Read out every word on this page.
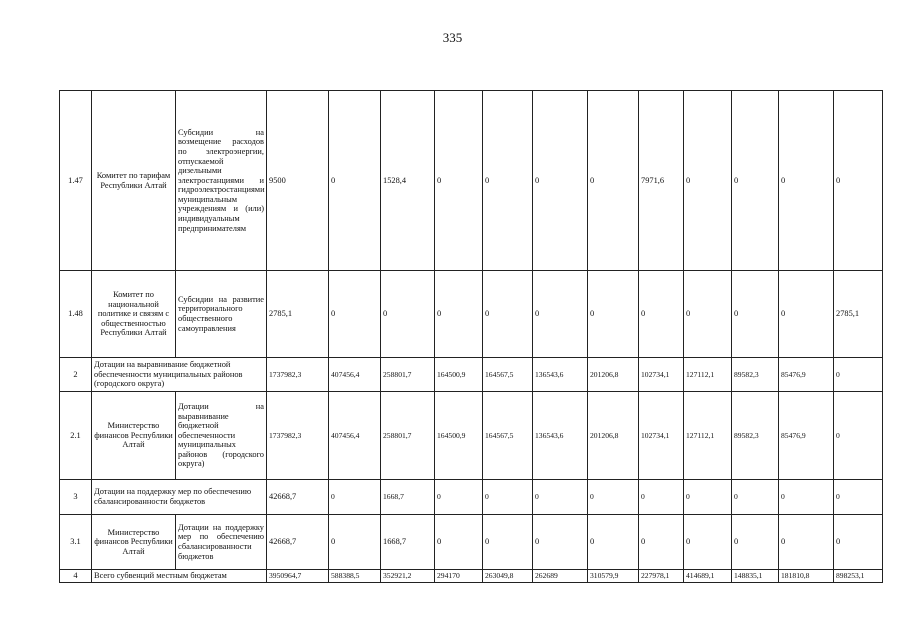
335
1.47	Комитет по тарифам Республики Алтай	Субсидии на возмещение расходов по электроэнергии, отпускаемой дизельными электростанциями и гидроэлектростанциями муниципальным учреждениям и (или) индивидуальным предпринимателям	9500	0	1528,4	0	0	0	0	7971,6	0	0	0	0
1.48	Комитет по национальной политике и связям с общественностью Республики Алтай	Субсидии на развитие территориального общественного самоуправления	2785,1	0	0	0	0	0	0	0	0	0	0	2785,1
2	Дотации на выравнивание бюджетной обеспеченности муниципальных районов (городского округа)		1737982,3	407456,4	258801,7	164500,9	164567,5	136543,6	201206,8	102734,1	127112,1	89582,3	85476,9	0
2.1	Министерство финансов Республики Алтай	Дотации на выравнивание бюджетной обеспеченности муниципальных районов (городского округа)	1737982,3	407456,4	258801,7	164500,9	164567,5	136543,6	201206,8	102734,1	127112,1	89582,3	85476,9	0
3	Дотации на поддержку мер по обеспечению сбалансированности бюджетов		42668,7	0	1668,7	0	0	0	0	0	0	0	0	0
3.1	Министерство финансов Республики Алтай	Дотации на поддержку мер по обеспечению сбалансированности бюджетов	42668,7	0	1668,7	0	0	0	0	0	0	0	0	0
4	Всего субвенций местным бюджетам		3950964,7	588388,5	352921,2	294170	263049,8	262689	310579,9	227978,1	414689,1	148835,1	181810,8	898253,1
